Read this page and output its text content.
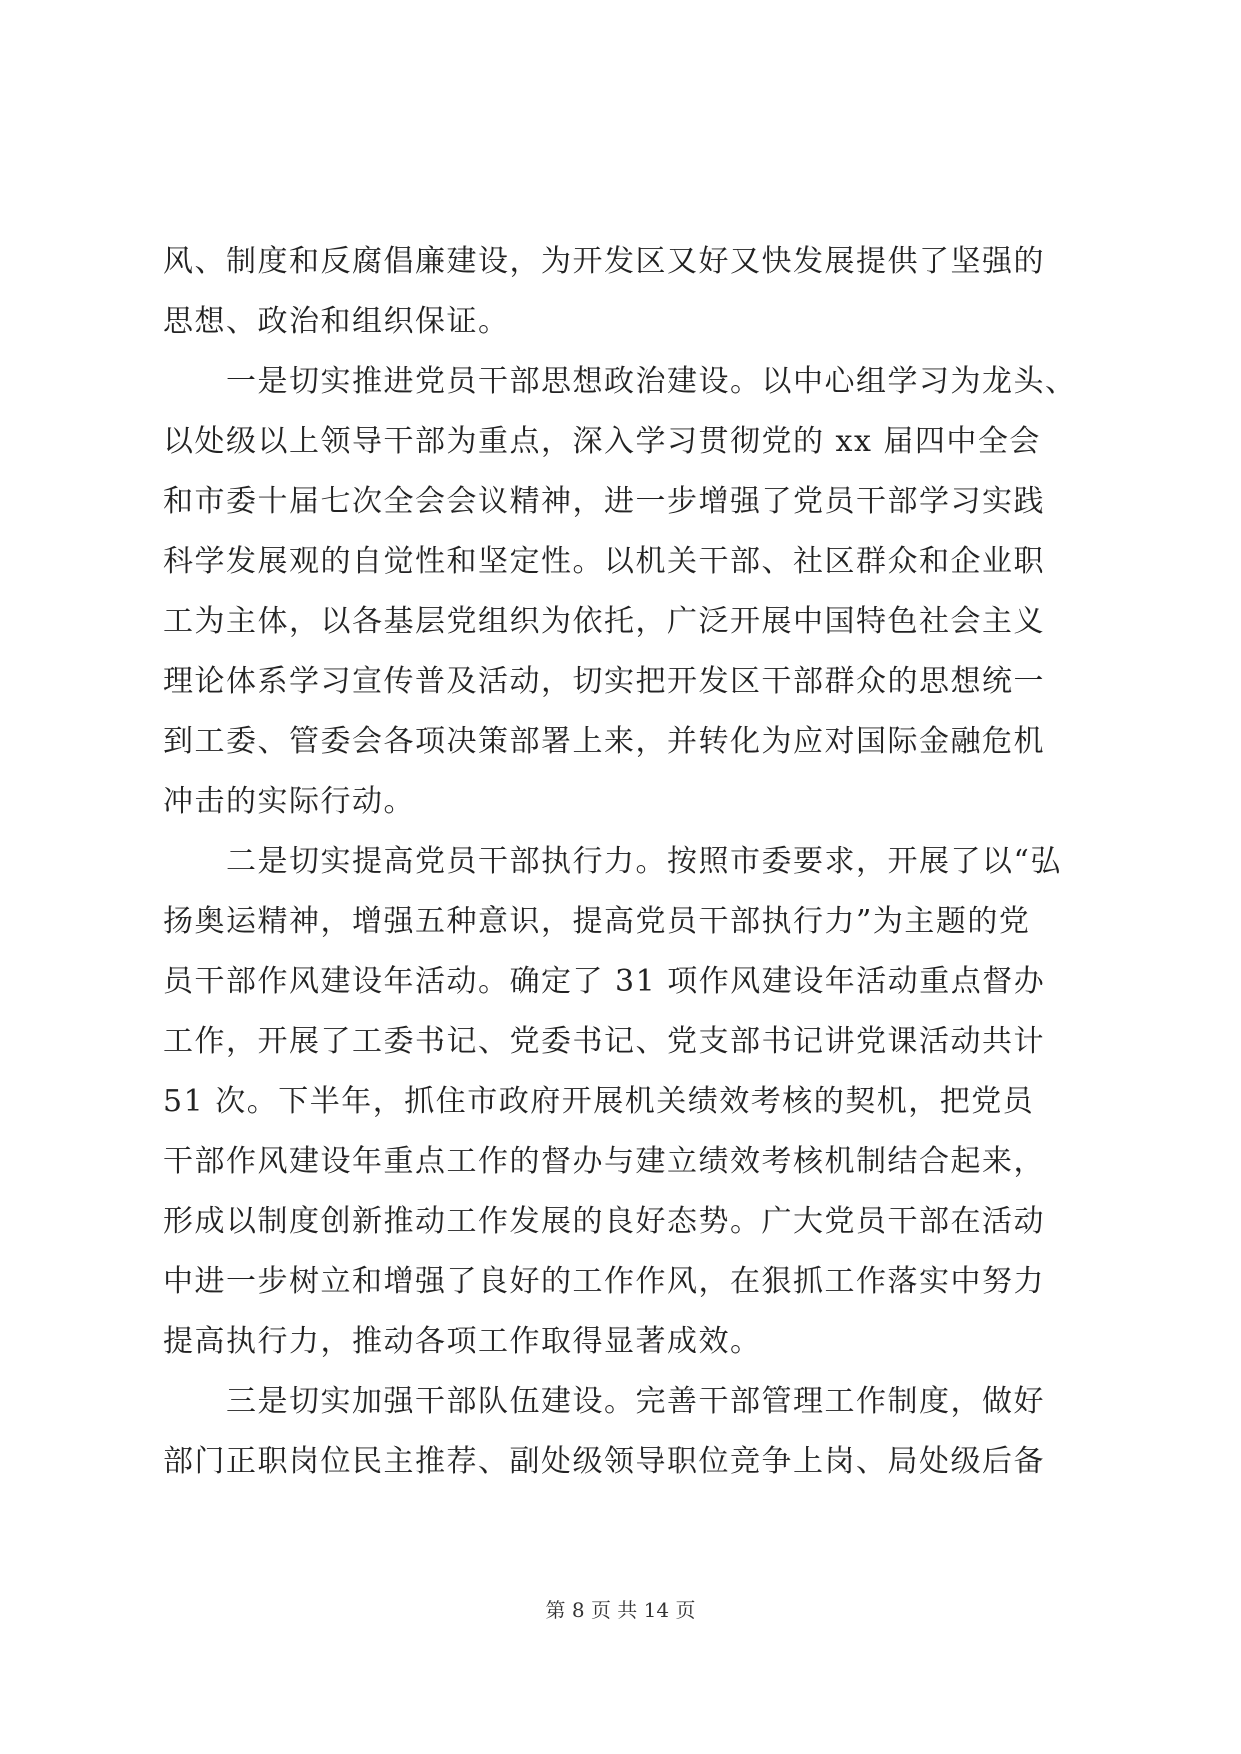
风、制度和反腐倡廉建设，为开发区又好又快发展提供了坚强的
思想、政治和组织保证。
　　一是切实推进党员干部思想政治建设。以中心组学习为龙头、
以处级以上领导干部为重点，深入学习贯彻党的 xx 届四中全会
和市委十届七次全会会议精神，进一步增强了党员干部学习实践
科学发展观的自觉性和坚定性。以机关干部、社区群众和企业职
工为主体，以各基层党组织为依托，广泛开展中国特色社会主义
理论体系学习宣传普及活动，切实把开发区干部群众的思想统一
到工委、管委会各项决策部署上来，并转化为应对国际金融危机
冲击的实际行动。
　　二是切实提高党员干部执行力。按照市委要求，开展了以“弘
扬奥运精神，增强五种意识，提高党员干部执行力”为主题的党
员干部作风建设年活动。确定了 31 项作风建设年活动重点督办
工作，开展了工委书记、党委书记、党支部书记讲党课活动共计
51 次。下半年，抓住市政府开展机关绩效考核的契机，把党员
干部作风建设年重点工作的督办与建立绩效考核机制结合起来，
形成以制度创新推动工作发展的良好态势。广大党员干部在活动
中进一步树立和增强了良好的工作作风，在狠抓工作落实中努力
提高执行力，推动各项工作取得显著成效。
　　三是切实加强干部队伍建设。完善干部管理工作制度，做好
部门正职岗位民主推荐、副处级领导职位竞争上岗、局处级后备
第 8 页 共 14 页
